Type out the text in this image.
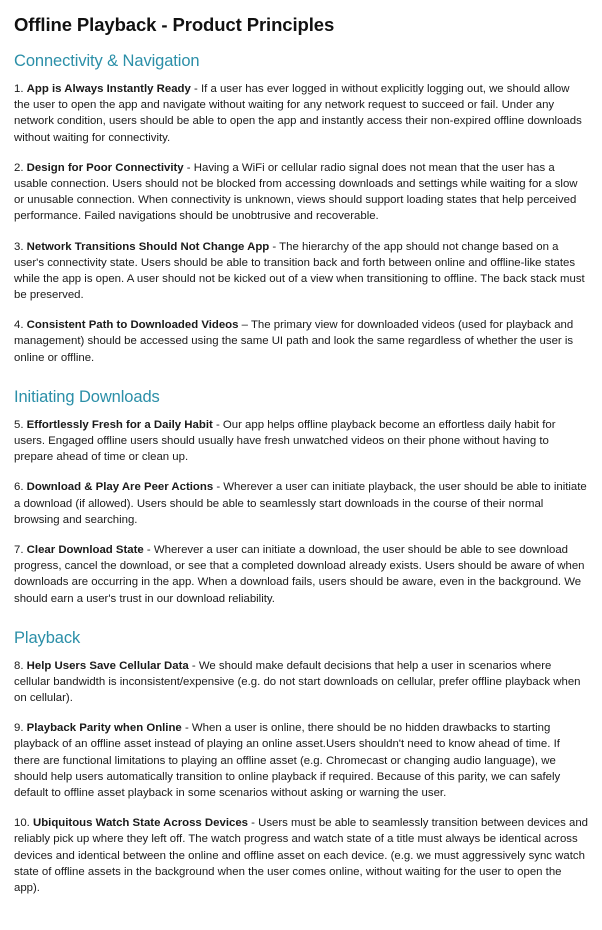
Offline Playback - Product Principles
Connectivity & Navigation

1. App is Always Instantly Ready - If a user has ever logged in without explicitly logging out, we should allow the user to open the app and navigate without waiting for any network request to succeed or fail. Under any network condition, users should be able to open the app and instantly access their non-expired offline downloads without waiting for connectivity.

2. Design for Poor Connectivity - Having a WiFi or cellular radio signal does not mean that the user has a usable connection. Users should not be blocked from accessing downloads and settings while waiting for a slow or unusable connection. When connectivity is unknown, views should support loading states that help perceived performance. Failed navigations should be unobtrusive and recoverable.

3. Network Transitions Should Not Change App - The hierarchy of the app should not change based on a user's connectivity state. Users should be able to transition back and forth between online and offline-like states while the app is open. A user should not be kicked out of a view when transitioning to offline. The back stack must be preserved.

4. Consistent Path to Downloaded Videos – The primary view for downloaded videos (used for playback and management) should be accessed using the same UI path and look the same regardless of whether the user is online or offline.

Initiating Downloads

5. Effortlessly Fresh for a Daily Habit - Our app helps offline playback become an effortless daily habit for users. Engaged offline users should usually have fresh unwatched videos on their phone without having to prepare ahead of time or clean up.

6. Download & Play Are Peer Actions - Wherever a user can initiate playback, the user should be able to initiate a download (if allowed). Users should be able to seamlessly start downloads in the course of their normal browsing and searching.

7. Clear Download State - Wherever a user can initiate a download, the user should be able to see download progress, cancel the download, or see that a completed download already exists. Users should be aware of when downloads are occurring in the app. When a download fails, users should be aware, even in the background. We should earn a user's trust in our download reliability.

Playback

8. Help Users Save Cellular Data - We should make default decisions that help a user in scenarios where cellular bandwidth is inconsistent/expensive (e.g. do not start downloads on cellular, prefer offline playback when on cellular).

9. Playback Parity when Online - When a user is online, there should be no hidden drawbacks to starting playback of an offline asset instead of playing an online asset.Users shouldn't need to know ahead of time. If there are functional limitations to playing an offline asset (e.g. Chromecast or changing audio language), we should help users automatically transition to online playback if required. Because of this parity, we can safely default to offline asset playback in some scenarios without asking or warning the user.

10. Ubiquitous Watch State Across Devices - Users must be able to seamlessly transition between devices and reliably pick up where they left off. The watch progress and watch state of a title must always be identical across devices and identical between the online and offline asset on each device. (e.g. we must aggressively sync watch state of offline assets in the background when the user comes online, without waiting for the user to open the app).
